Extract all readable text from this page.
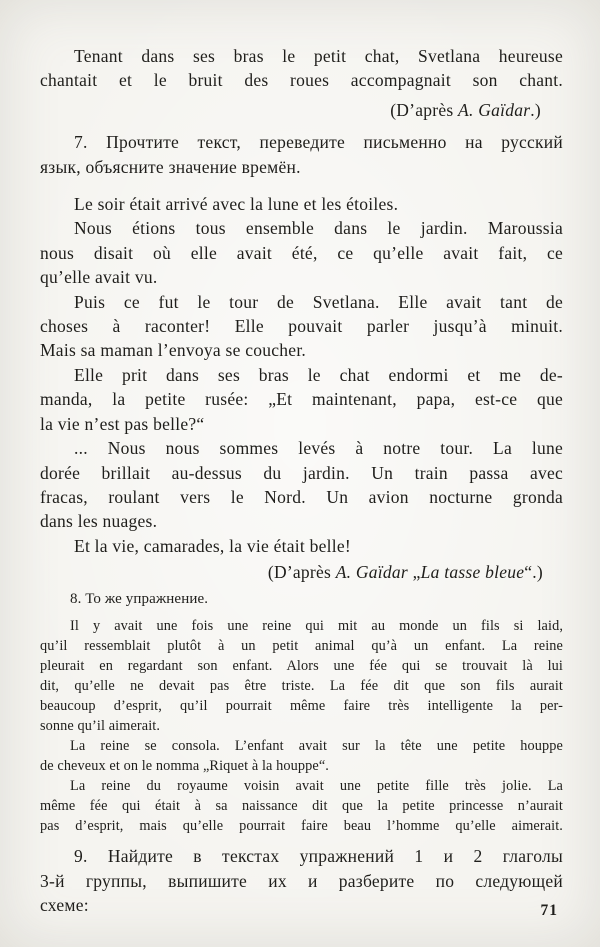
Tenant dans ses bras le petit chat, Svetlana heureuse
chantait et le bruit des roues accompagnait son chant.
(D’après A. Gaïdar.)
7. Прочтите текст, переведите письменно на русский
язык, объясните значение времён.
Le soir était arrivé avec la lune et les étoiles.
Nous étions tous ensemble dans le jardin. Maroussia
nous disait où elle avait été, ce qu’elle avait fait, ce
qu’elle avait vu.
Puis ce fut le tour de Svetlana. Elle avait tant de
choses à raconter! Elle pouvait parler jusqu’à minuit.
Mais sa maman l’envoya se coucher.
Elle prit dans ses bras le chat endormi et me de-
manda, la petite rusée: „Et maintenant, papa, est-ce que
la vie n’est pas belle?“
... Nous nous sommes levés à notre tour. La lune
dorée brillait au-dessus du jardin. Un train passa avec
fracas, roulant vers le Nord. Un avion nocturne gronda
dans les nuages.
Et la vie, camarades, la vie était belle!
(D’après A. Gaïdar „La tasse bleue“.)
8. То же упражнение.
Il y avait une fois une reine qui mit au monde un fils si laid,
qu’il ressemblait plutôt à un petit animal qu’à un enfant. La reine
pleurait en regardant son enfant. Alors une fée qui se trouvait là lui
dit, qu’elle ne devait pas être triste. La fée dit que son fils aurait
beaucoup d’esprit, qu’il pourrait même faire très intelligente la per-
sonne qu’il aimerait.
La reine se consola. L’enfant avait sur la tête une petite houppe
de cheveux et on le nomma „Riquet à la houppe“.
La reine du royaume voisin avait une petite fille très jolie. La
même fée qui était à sa naissance dit que la petite princesse n’aurait
pas d’esprit, mais qu’elle pourrait faire beau l’homme qu’elle aimerait.
9. Найдите в текстах упражнений 1 и 2 глаголы
3-й группы, выпишите их и разберите по следующей
схеме:	71
